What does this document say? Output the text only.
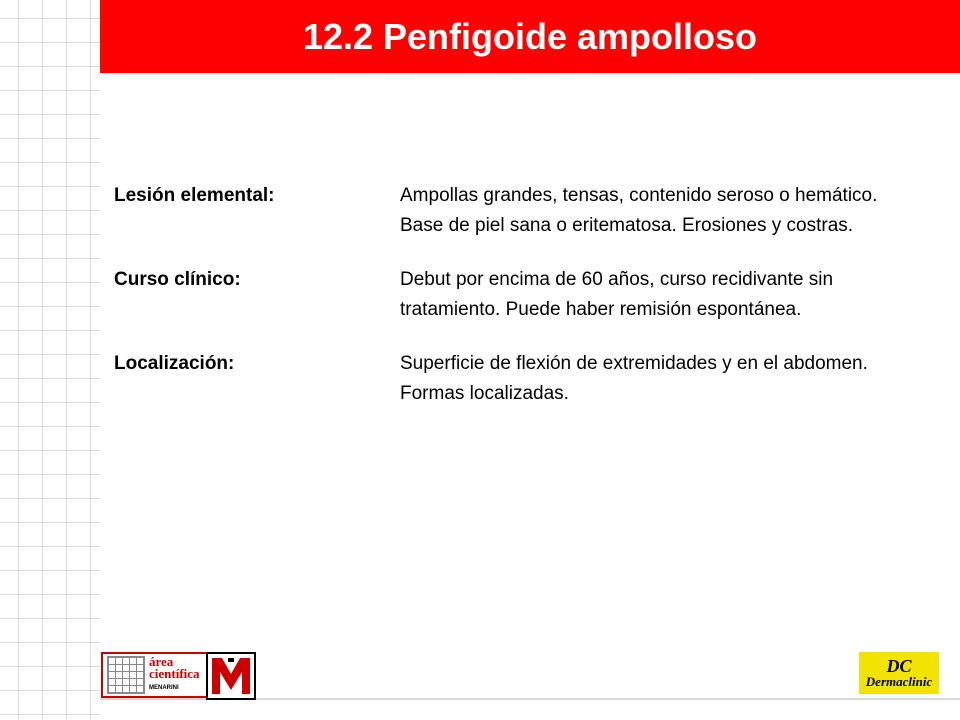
12.2 Penfigoide ampolloso
Lesión elemental:	Ampollas grandes, tensas, contenido seroso o hemático. Base de piel sana o eritematosa. Erosiones y costras.
Curso clínico:	Debut por encima de 60 años, curso recidivante sin tratamiento. Puede haber remisión espontánea.
Localización:	Superficie de flexión de extremidades y en el abdomen. Formas localizadas.
área
científica
MENARINI
DC
Dermaclinic
